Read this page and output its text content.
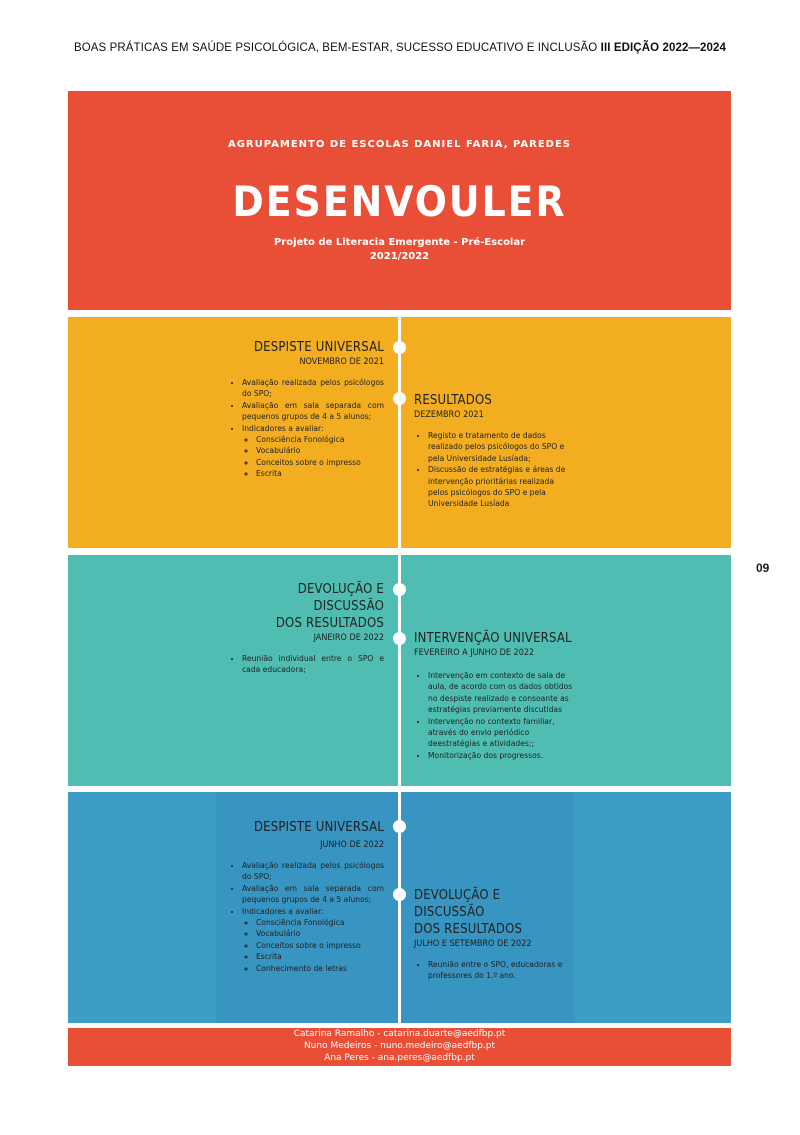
BOAS PRÁTICAS EM SAÚDE PSICOLÓGICA, BEM-ESTAR, SUCESSO EDUCATIVO E INCLUSÃO III EDIÇÃO 2022—2024
09
AGRUPAMENTO DE ESCOLAS DANIEL FARIA, PAREDES
DESENVOULER
Projeto de Literacia Emergente - Pré-Escolar
2021/2022
DESPISTE UNIVERSAL
NOVEMBRO DE 2021
• Avaliação realizada pelos psicólogos do SPO;
• Avaliação em sala separada com pequenos grupos de 4 a 5 alunos;
• Indicadores a avaliar:
◦ Consciência Fonológica
◦ Vocabulário
◦ Conceitos sobre o impresso
◦ Escrita
RESULTADOS
DEZEMBRO 2021
• Registo e tratamento de dados realizado pelos psicólogos do SPO e pela Universidade Lusíada;
• Discussão de estratégias e áreas de intervenção prioritárias realizada pelos psicólogos do SPO e pela Universidade Lusíada
DEVOLUÇÃO E DISCUSSÃO
DOS RESULTADOS
JANEIRO DE 2022
• Reunião individual entre o SPO e cada educadora;
INTERVENÇÃO UNIVERSAL
FEVEREIRO A JUNHO DE 2022
• Intervenção em contexto de sala de aula, de acordo com os dados obtidos no despiste realizado e consoante as estratégias previamente discutidas
• Intervenção no contexto familiar, através do envio periódico deestratégias e atividades;;
• Monitorização dos progressos.
DESPISTE UNIVERSAL
JUNHO DE 2022
• Avaliação realizada pelos psicólogos do SPO;
• Avaliação em sala separada com pequenos grupos de 4 a 5 alunos;
• Indicadores a avaliar:
◦ Consciência Fonológica
◦ Vocabulário
◦ Conceitos sobre o impresso
◦ Escrita
◦ Conhecimento de letras
DEVOLUÇÃO E DISCUSSÃO
DOS RESULTADOS
JULHO E SETEMBRO DE 2022
• Reunião entre o SPO, educadoras e professores do 1.º ano.
Catarina Ramalho - catarina.duarte@aedfbp.pt
Nuno Medeiros - nuno.medeiro@aedfbp.pt
Ana Peres - ana.peres@aedfbp.pt
